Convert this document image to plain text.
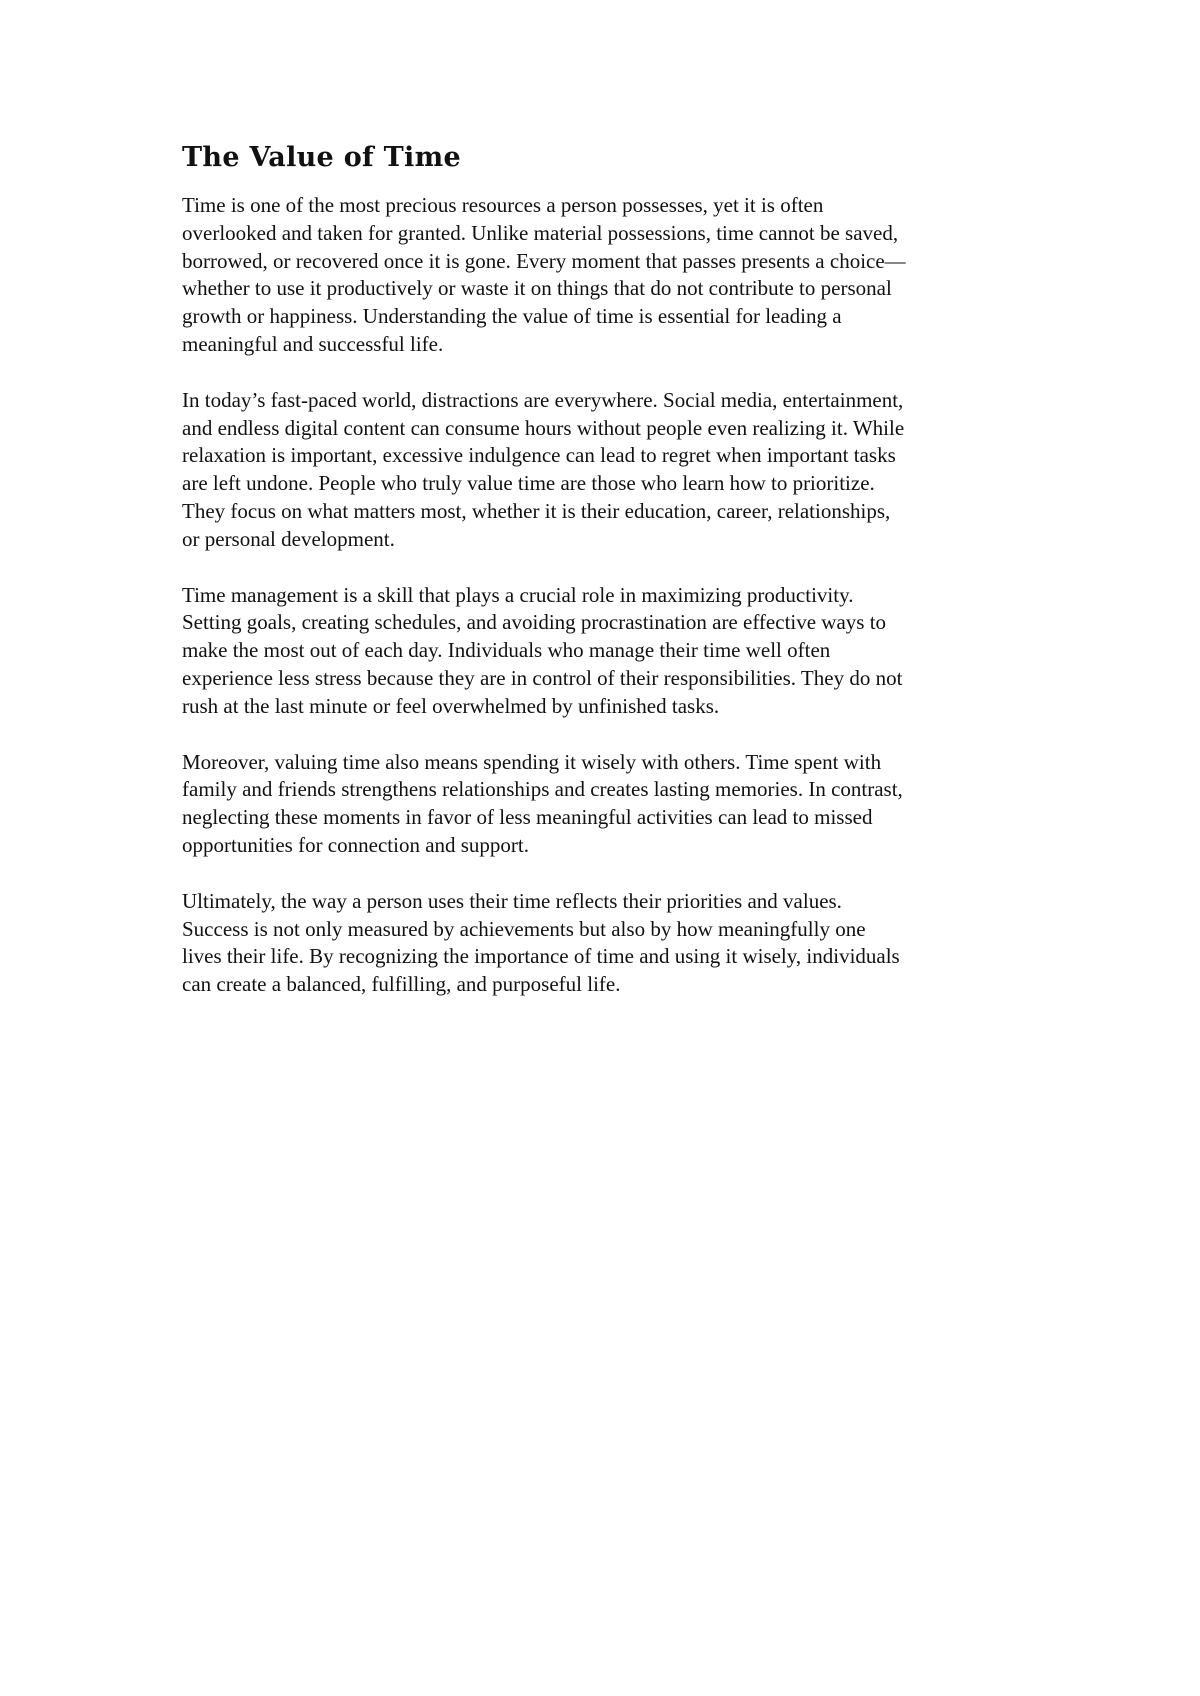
The Value of Time

Time is one of the most precious resources a person possesses, yet it is often
overlooked and taken for granted. Unlike material possessions, time cannot be saved,
borrowed, or recovered once it is gone. Every moment that passes presents a choice—
whether to use it productively or waste it on things that do not contribute to personal
growth or happiness. Understanding the value of time is essential for leading a
meaningful and successful life.

In today’s fast-paced world, distractions are everywhere. Social media, entertainment,
and endless digital content can consume hours without people even realizing it. While
relaxation is important, excessive indulgence can lead to regret when important tasks
are left undone. People who truly value time are those who learn how to prioritize.
They focus on what matters most, whether it is their education, career, relationships,
or personal development.

Time management is a skill that plays a crucial role in maximizing productivity.
Setting goals, creating schedules, and avoiding procrastination are effective ways to
make the most out of each day. Individuals who manage their time well often
experience less stress because they are in control of their responsibilities. They do not
rush at the last minute or feel overwhelmed by unfinished tasks.

Moreover, valuing time also means spending it wisely with others. Time spent with
family and friends strengthens relationships and creates lasting memories. In contrast,
neglecting these moments in favor of less meaningful activities can lead to missed
opportunities for connection and support.

Ultimately, the way a person uses their time reflects their priorities and values.
Success is not only measured by achievements but also by how meaningfully one
lives their life. By recognizing the importance of time and using it wisely, individuals
can create a balanced, fulfilling, and purposeful life.
